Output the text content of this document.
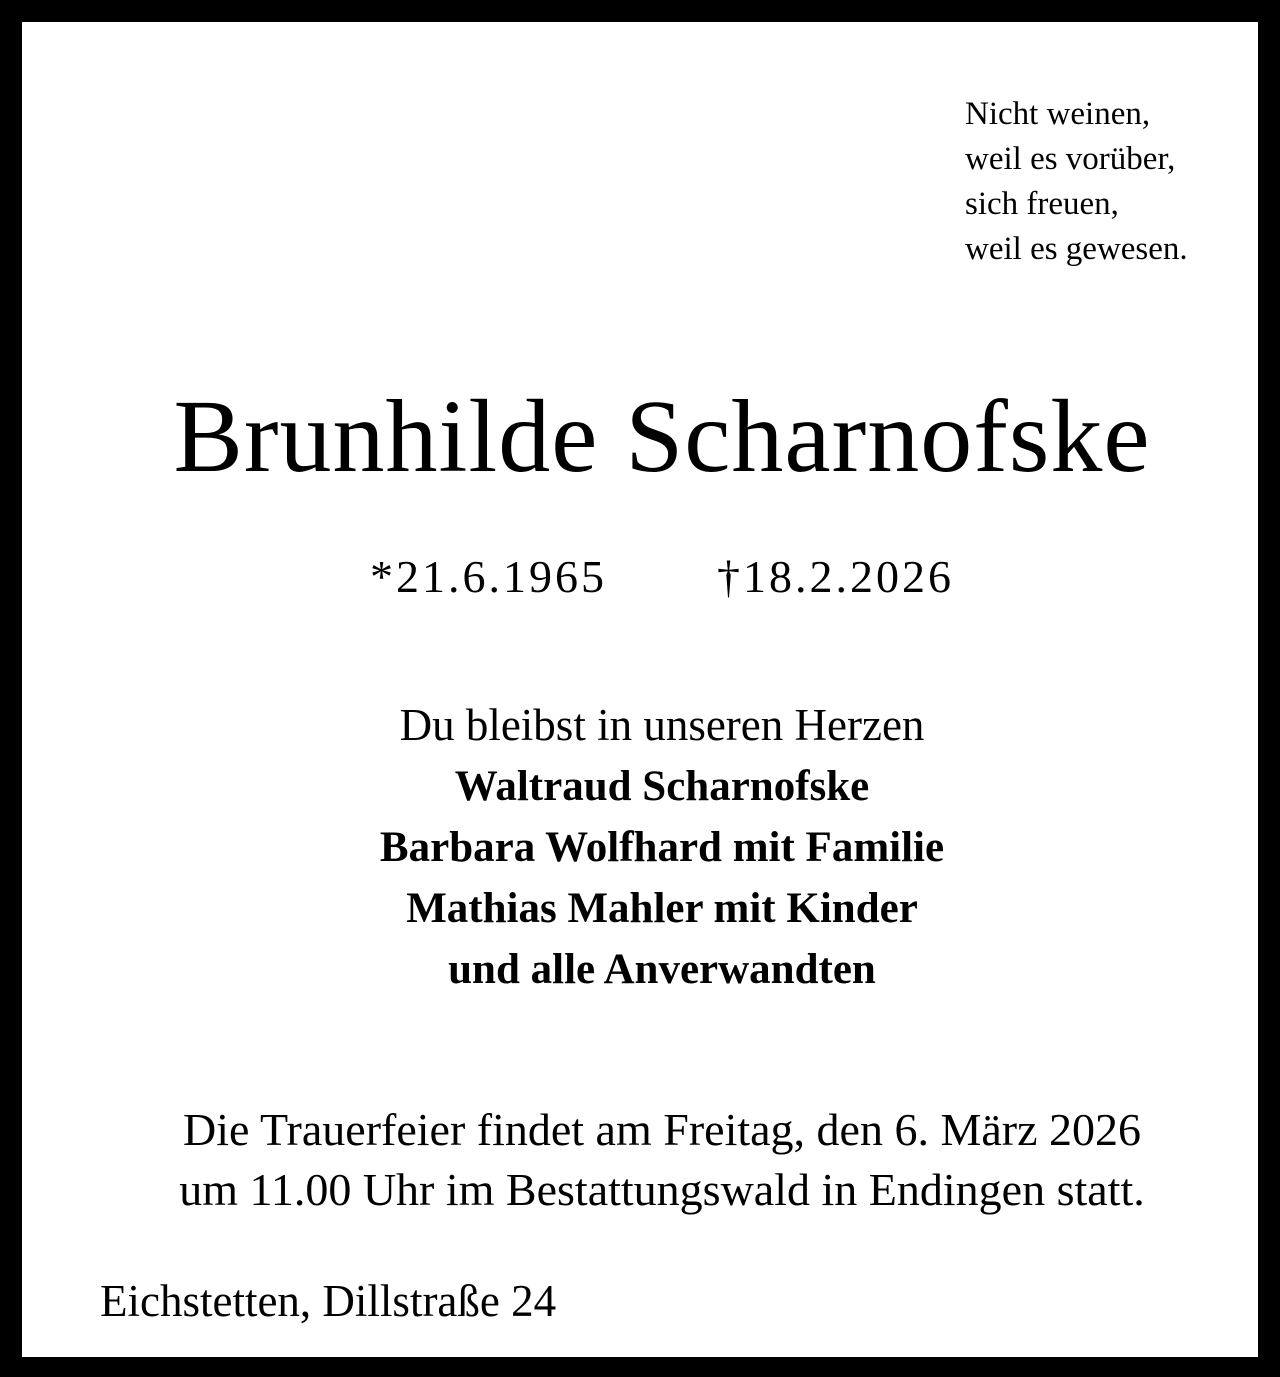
Nicht weinen,
weil es vorüber,
sich freuen,
weil es gewesen.
Brunhilde Scharnofske
*21.6.1965 †18.2.2026
Du bleibst in unseren Herzen
Waltraud Scharnofske
Barbara Wolfhard mit Familie
Mathias Mahler mit Kinder
und alle Anverwandten
Die Trauerfeier findet am Freitag, den 6. März 2026
um 11.00 Uhr im Bestattungswald in Endingen statt.
Eichstetten, Dillstraße 24
